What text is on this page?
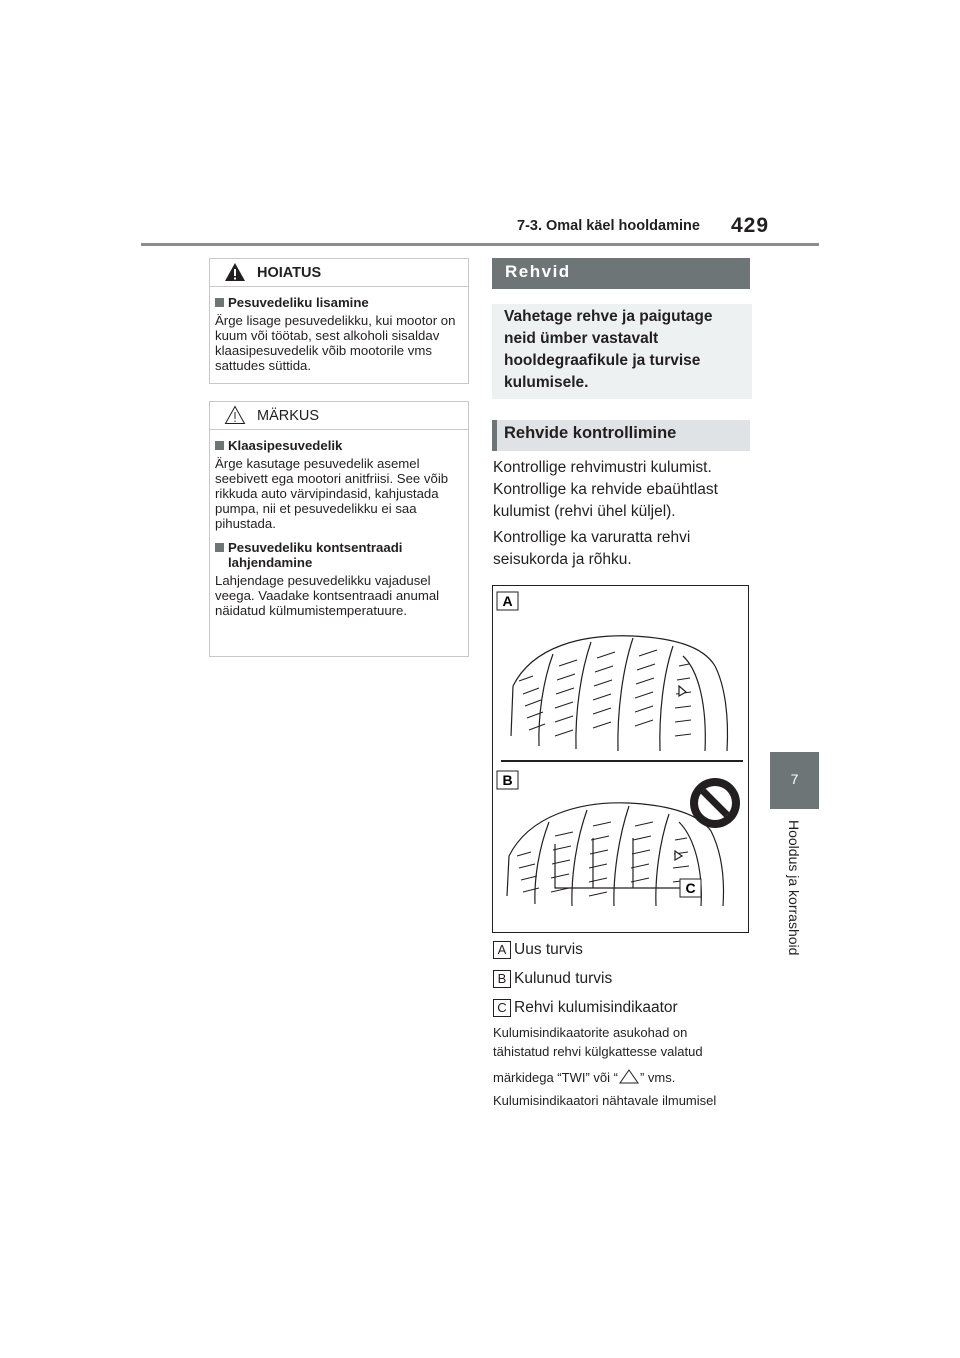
7-3. Omal käel hooldamine 429
7
Hooldus ja korrashoid
HOIATUS
Pesuvedeliku lisamine
Ärge lisage pesuvedelikku, kui mootor on kuum või töötab, sest alkoholi sisaldav klaasipesuvedelik võib mootorile vms sattudes süttida.
MÄRKUS
Klaasipesuvedelik
Ärge kasutage pesuvedelik asemel seebivett ega mootori anitfriisi. See võib rikkuda auto värvipindasid, kahjustada pumpa, nii et pesuvedelikku ei saa pihustada.
Pesuvedeliku kontsentraadi lahjendamine
Lahjendage pesuvedelikku vajadusel veega. Vaadake kontsentraadi anumal näidatud külmumistemperatuure.
Rehvid
Vahetage rehve ja paigutage neid ümber vastavalt hooldegraafikule ja turvise kulumisele.
Rehvide kontrollimine
Kontrollige rehvimustri kulumist. Kontrollige ka rehvide ebaühtlast kulumist (rehvi ühel küljel).
Kontrollige ka varuratta rehvi seisukorda ja rõhku.
A
B
C
A Uus turvis
B Kulunud turvis
C Rehvi kulumisindikaator
Kulumisindikaatorite asukohad on
tähistatud rehvi külgkattesse valatud
märkidega “TWI” või “ ” vms.
Kulumisindikaatori nähtavale ilmumisel
